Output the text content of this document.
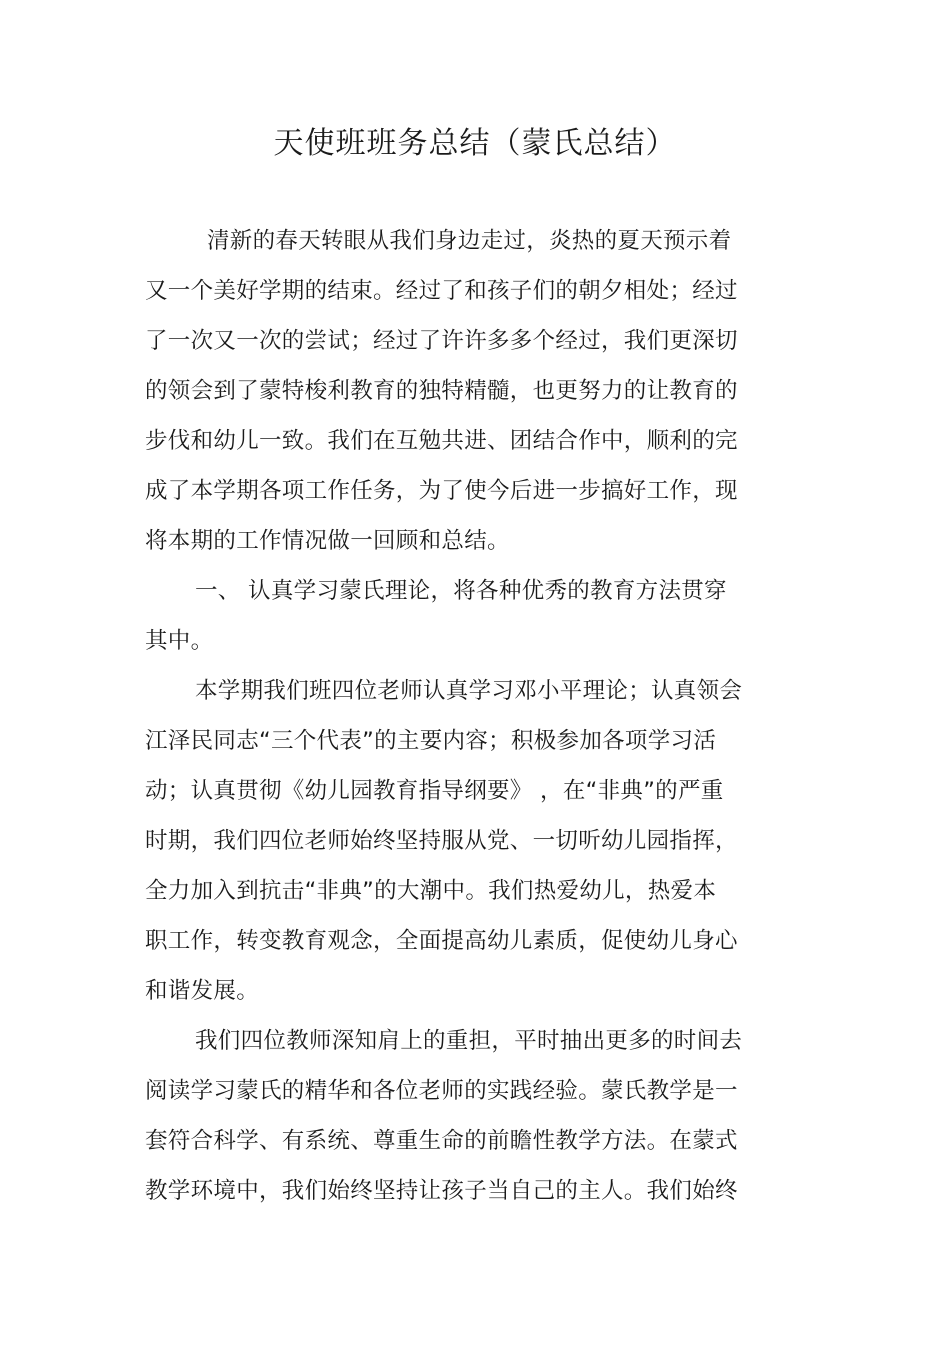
天使班班务总结（蒙氏总结）
清新的春天转眼从我们身边走过，炎热的夏天预示着
又一个美好学期的结束。经过了和孩子们的朝夕相处；经过
了一次又一次的尝试；经过了许许多多个经过，我们更深切
的领会到了蒙特梭利教育的独特精髓，也更努力的让教育的
步伐和幼儿一致。我们在互勉共进、团结合作中，顺利的完
成了本学期各项工作任务，为了使今后进一步搞好工作，现
将本期的工作情况做一回顾和总结。
一、 认真学习蒙氏理论，将各种优秀的教育方法贯穿
其中。
本学期我们班四位老师认真学习邓小平理论；认真领会
江泽民同志“三个代表”的主要内容；积极参加各项学习活
动；认真贯彻《幼儿园教育指导纲要》 ，在“非典”的严重
时期，我们四位老师始终坚持服从党、一切听幼儿园指挥，
全力加入到抗击“非典”的大潮中。我们热爱幼儿，热爱本
职工作，转变教育观念，全面提高幼儿素质，促使幼儿身心
和谐发展。
我们四位教师深知肩上的重担，平时抽出更多的时间去
阅读学习蒙氏的精华和各位老师的实践经验。蒙氏教学是一
套符合科学、有系统、尊重生命的前瞻性教学方法。在蒙式
教学环境中，我们始终坚持让孩子当自己的主人。我们始终
